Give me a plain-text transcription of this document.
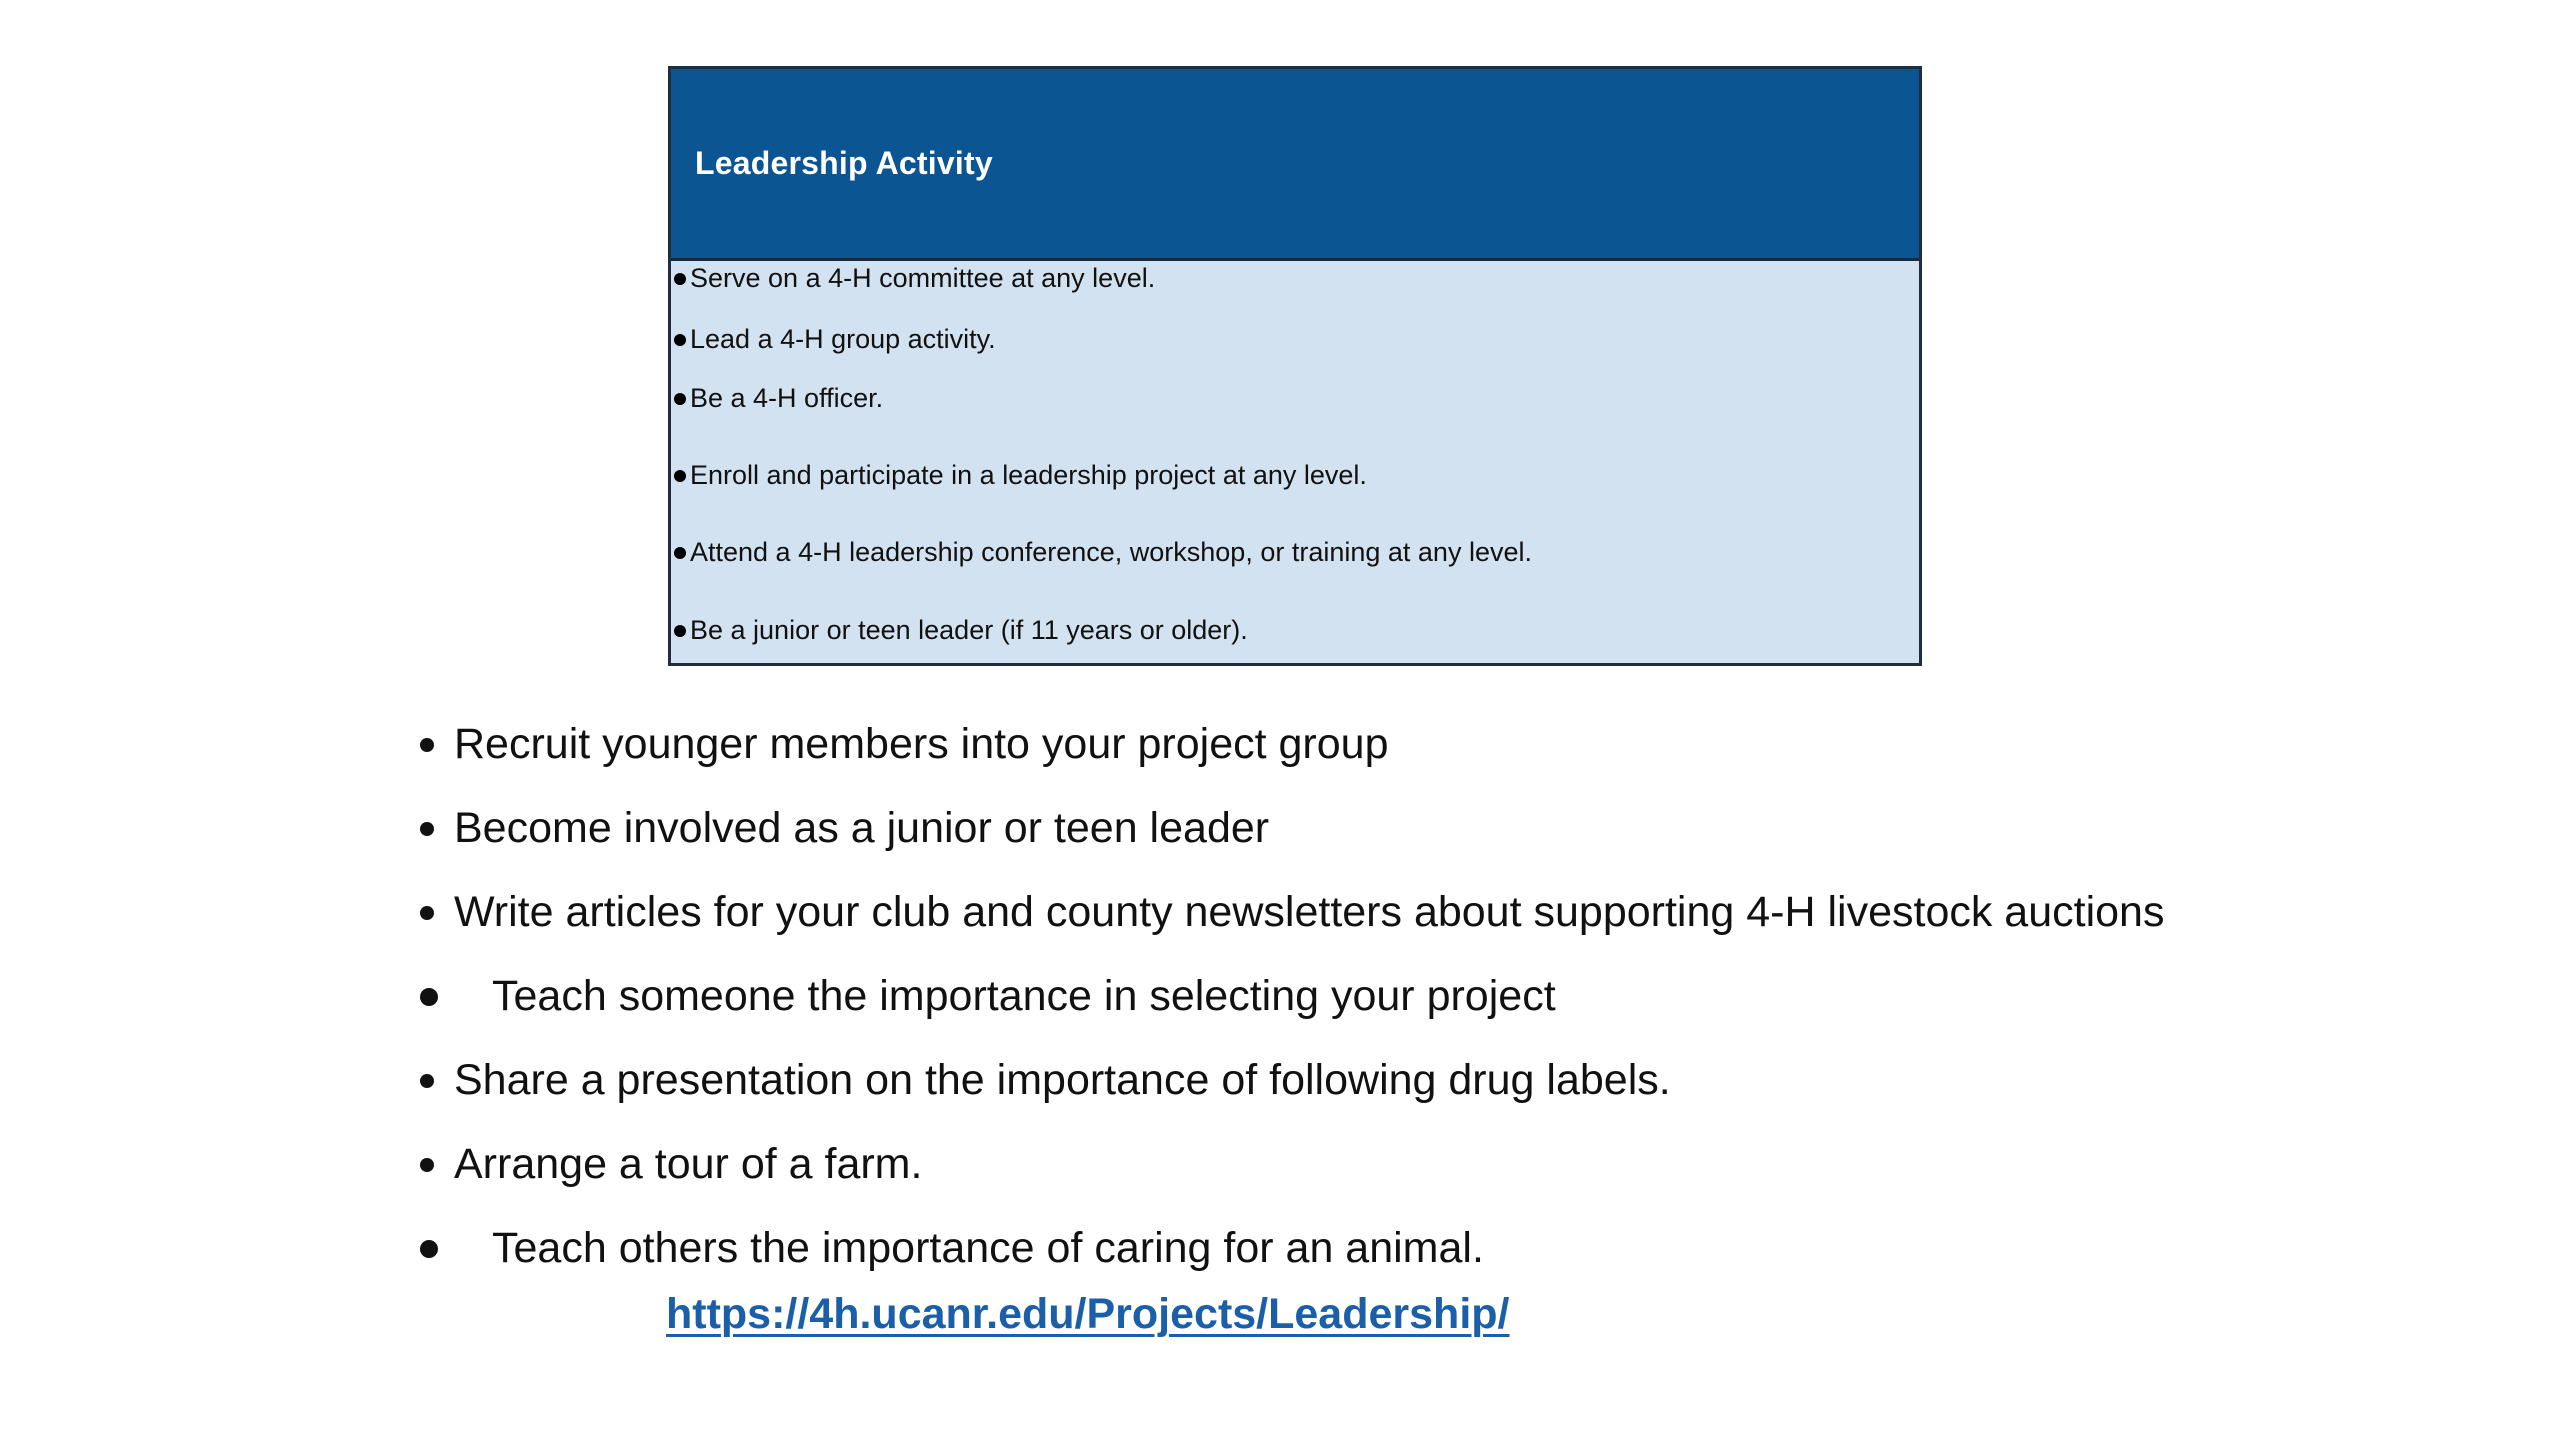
Leadership Activity
Serve on a 4-H committee at any level.
Lead a 4-H group activity.
Be a 4-H officer.
Enroll and participate in a leadership project at any level.
Attend a 4-H leadership conference, workshop, or training at any level.
Be a junior or teen leader (if 11 years or older).
Recruit younger members into your project group
Become involved as a junior or teen leader
Write articles for your club and county newsletters about supporting 4-H livestock auctions
Teach someone the importance in selecting your project
Share a presentation on the importance of following drug labels.
Arrange a tour of a farm.
Teach others the importance of caring for an animal.
https://4h.ucanr.edu/Projects/Leadership/
